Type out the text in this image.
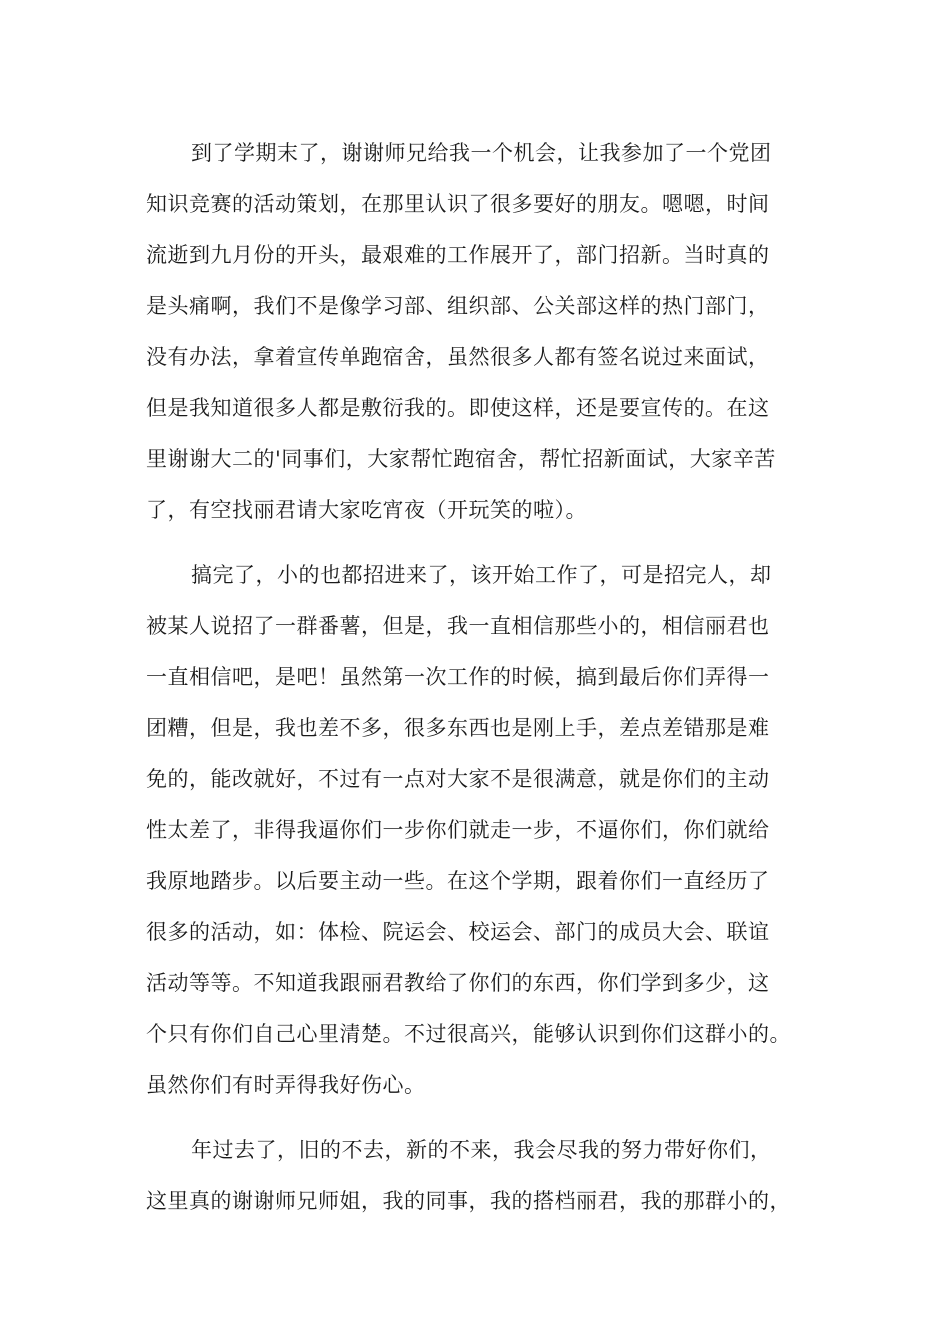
到了学期末了，谢谢师兄给我一个机会，让我参加了一个党团
知识竞赛的活动策划，在那里认识了很多要好的朋友。嗯嗯，时间
流逝到九月份的开头，最艰难的工作展开了，部门招新。当时真的
是头痛啊，我们不是像学习部、组织部、公关部这样的热门部门，
没有办法，拿着宣传单跑宿舍，虽然很多人都有签名说过来面试，
但是我知道很多人都是敷衍我的。即使这样，还是要宣传的。在这
里谢谢大二的'同事们，大家帮忙跑宿舍，帮忙招新面试，大家辛苦
了，有空找丽君请大家吃宵夜（开玩笑的啦）。
搞完了，小的也都招进来了，该开始工作了，可是招完人，却
被某人说招了一群番薯，但是，我一直相信那些小的，相信丽君也
一直相信吧，是吧！虽然第一次工作的时候，搞到最后你们弄得一
团糟，但是，我也差不多，很多东西也是刚上手，差点差错那是难
免的，能改就好，不过有一点对大家不是很满意，就是你们的主动
性太差了，非得我逼你们一步你们就走一步，不逼你们，你们就给
我原地踏步。以后要主动一些。在这个学期，跟着你们一直经历了
很多的活动，如：体检、院运会、校运会、部门的成员大会、联谊
活动等等。不知道我跟丽君教给了你们的东西，你们学到多少，这
个只有你们自己心里清楚。不过很高兴，能够认识到你们这群小的。
虽然你们有时弄得我好伤心。
年过去了，旧的不去，新的不来，我会尽我的努力带好你们，
这里真的谢谢师兄师姐，我的同事，我的搭档丽君，我的那群小的，
